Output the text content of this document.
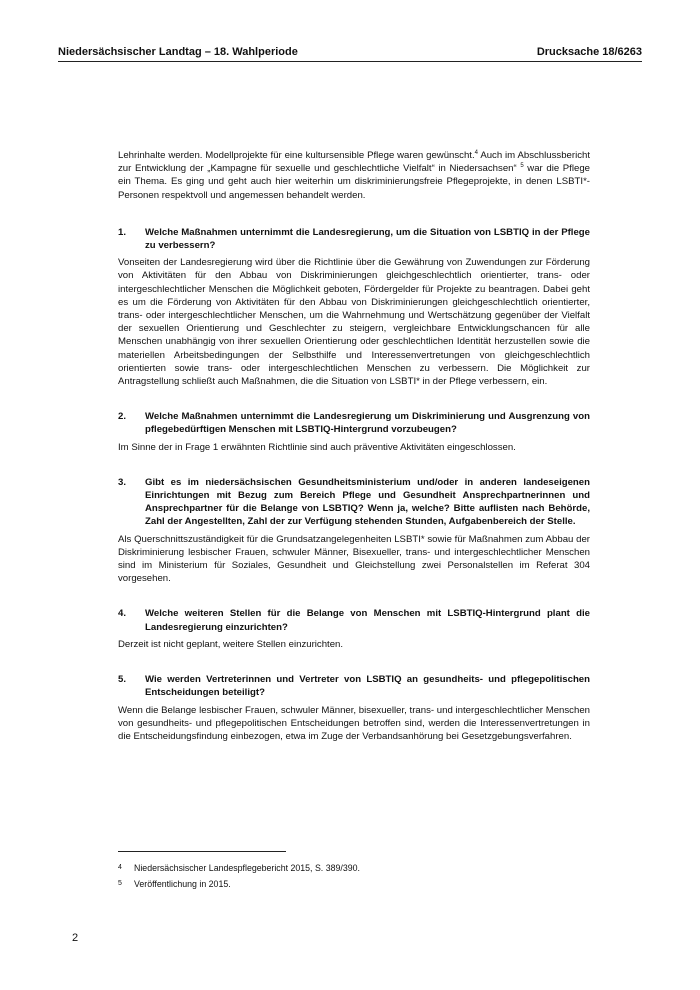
Niedersächsischer Landtag – 18. Wahlperiode	Drucksache 18/6263

Lehrinhalte werden. Modellprojekte für eine kultursensible Pflege waren gewünscht.$^4$ Auch im Abschlussbericht zur Entwicklung der „Kampagne für sexuelle und geschlechtliche Vielfalt“ in Niedersachsen“ $^5$ war die Pflege ein Thema. Es ging und geht auch hier weiterhin um diskriminierungsfreie Pflegeprojekte, in denen LSBTI*-Personen respektvoll und angemessen behandelt werden.

1.	Welche Maßnahmen unternimmt die Landesregierung, um die Situation von LSBTIQ in der Pflege zu verbessern?

Vonseiten der Landesregierung wird über die Richtlinie über die Gewährung von Zuwendungen zur Förderung von Aktivitäten für den Abbau von Diskriminierungen gleichgeschlechtlich orientierter, trans- oder intergeschlechtlicher Menschen die Möglichkeit geboten, Fördergelder für Projekte zu beantragen. Dabei geht es um die Förderung von Aktivitäten für den Abbau von Diskriminierungen gleichgeschlechtlich orientierter, trans- oder intergeschlechtlicher Menschen, um die Wahrnehmung und Wertschätzung gegenüber der Vielfalt der sexuellen Orientierung und Geschlechter zu steigern, vergleichbare Entwicklungschancen für alle Menschen unabhängig von ihrer sexuellen Orientierung oder geschlechtlichen Identität herzustellen sowie die materiellen Arbeitsbedingungen der Selbsthilfe und Interessenvertretungen von gleichgeschlechtlich orientierten sowie trans- oder intergeschlechtlichen Menschen zu verbessern. Die Möglichkeit zur Antragstellung schließt auch Maßnahmen, die die Situation von LSBTI* in der Pflege verbessern, ein.

2.	Welche Maßnahmen unternimmt die Landesregierung um Diskriminierung und Ausgrenzung von pflegebedürftigen Menschen mit LSBTIQ-Hintergrund vorzubeugen?

Im Sinne der in Frage 1 erwähnten Richtlinie sind auch präventive Aktivitäten eingeschlossen.

3.	Gibt es im niedersächsischen Gesundheitsministerium und/oder in anderen landeseigenen Einrichtungen mit Bezug zum Bereich Pflege und Gesundheit Ansprechpartnerinnen und Ansprechpartner für die Belange von LSBTIQ? Wenn ja, welche? Bitte auflisten nach Behörde, Zahl der Angestellten, Zahl der zur Verfügung stehenden Stunden, Aufgabenbereich der Stelle.

Als Querschnittszuständigkeit für die Grundsatzangelegenheiten LSBTI* sowie für Maßnahmen zum Abbau der Diskriminierung lesbischer Frauen, schwuler Männer, Bisexueller, trans- und intergeschlechtlicher Menschen sind im Ministerium für Soziales, Gesundheit und Gleichstellung zwei Personalstellen im Referat 304 vorgesehen.

4.	Welche weiteren Stellen für die Belange von Menschen mit LSBTIQ-Hintergrund plant die Landesregierung einzurichten?

Derzeit ist nicht geplant, weitere Stellen einzurichten.

5.	Wie werden Vertreterinnen und Vertreter von LSBTIQ an gesundheits- und pflegepolitischen Entscheidungen beteiligt?

Wenn die Belange lesbischer Frauen, schwuler Männer, bisexueller, trans- und intergeschlechtlicher Menschen von gesundheits- und pflegepolitischen Entscheidungen betroffen sind, werden die Interessenvertretungen in die Entscheidungsfindung einbezogen, etwa im Zuge der Verbandsanhörung bei Gesetzgebungsverfahren.

4	Niedersächsischer Landespflegebericht 2015, S. 389/390.
5	Veröffentlichung in 2015.
2
